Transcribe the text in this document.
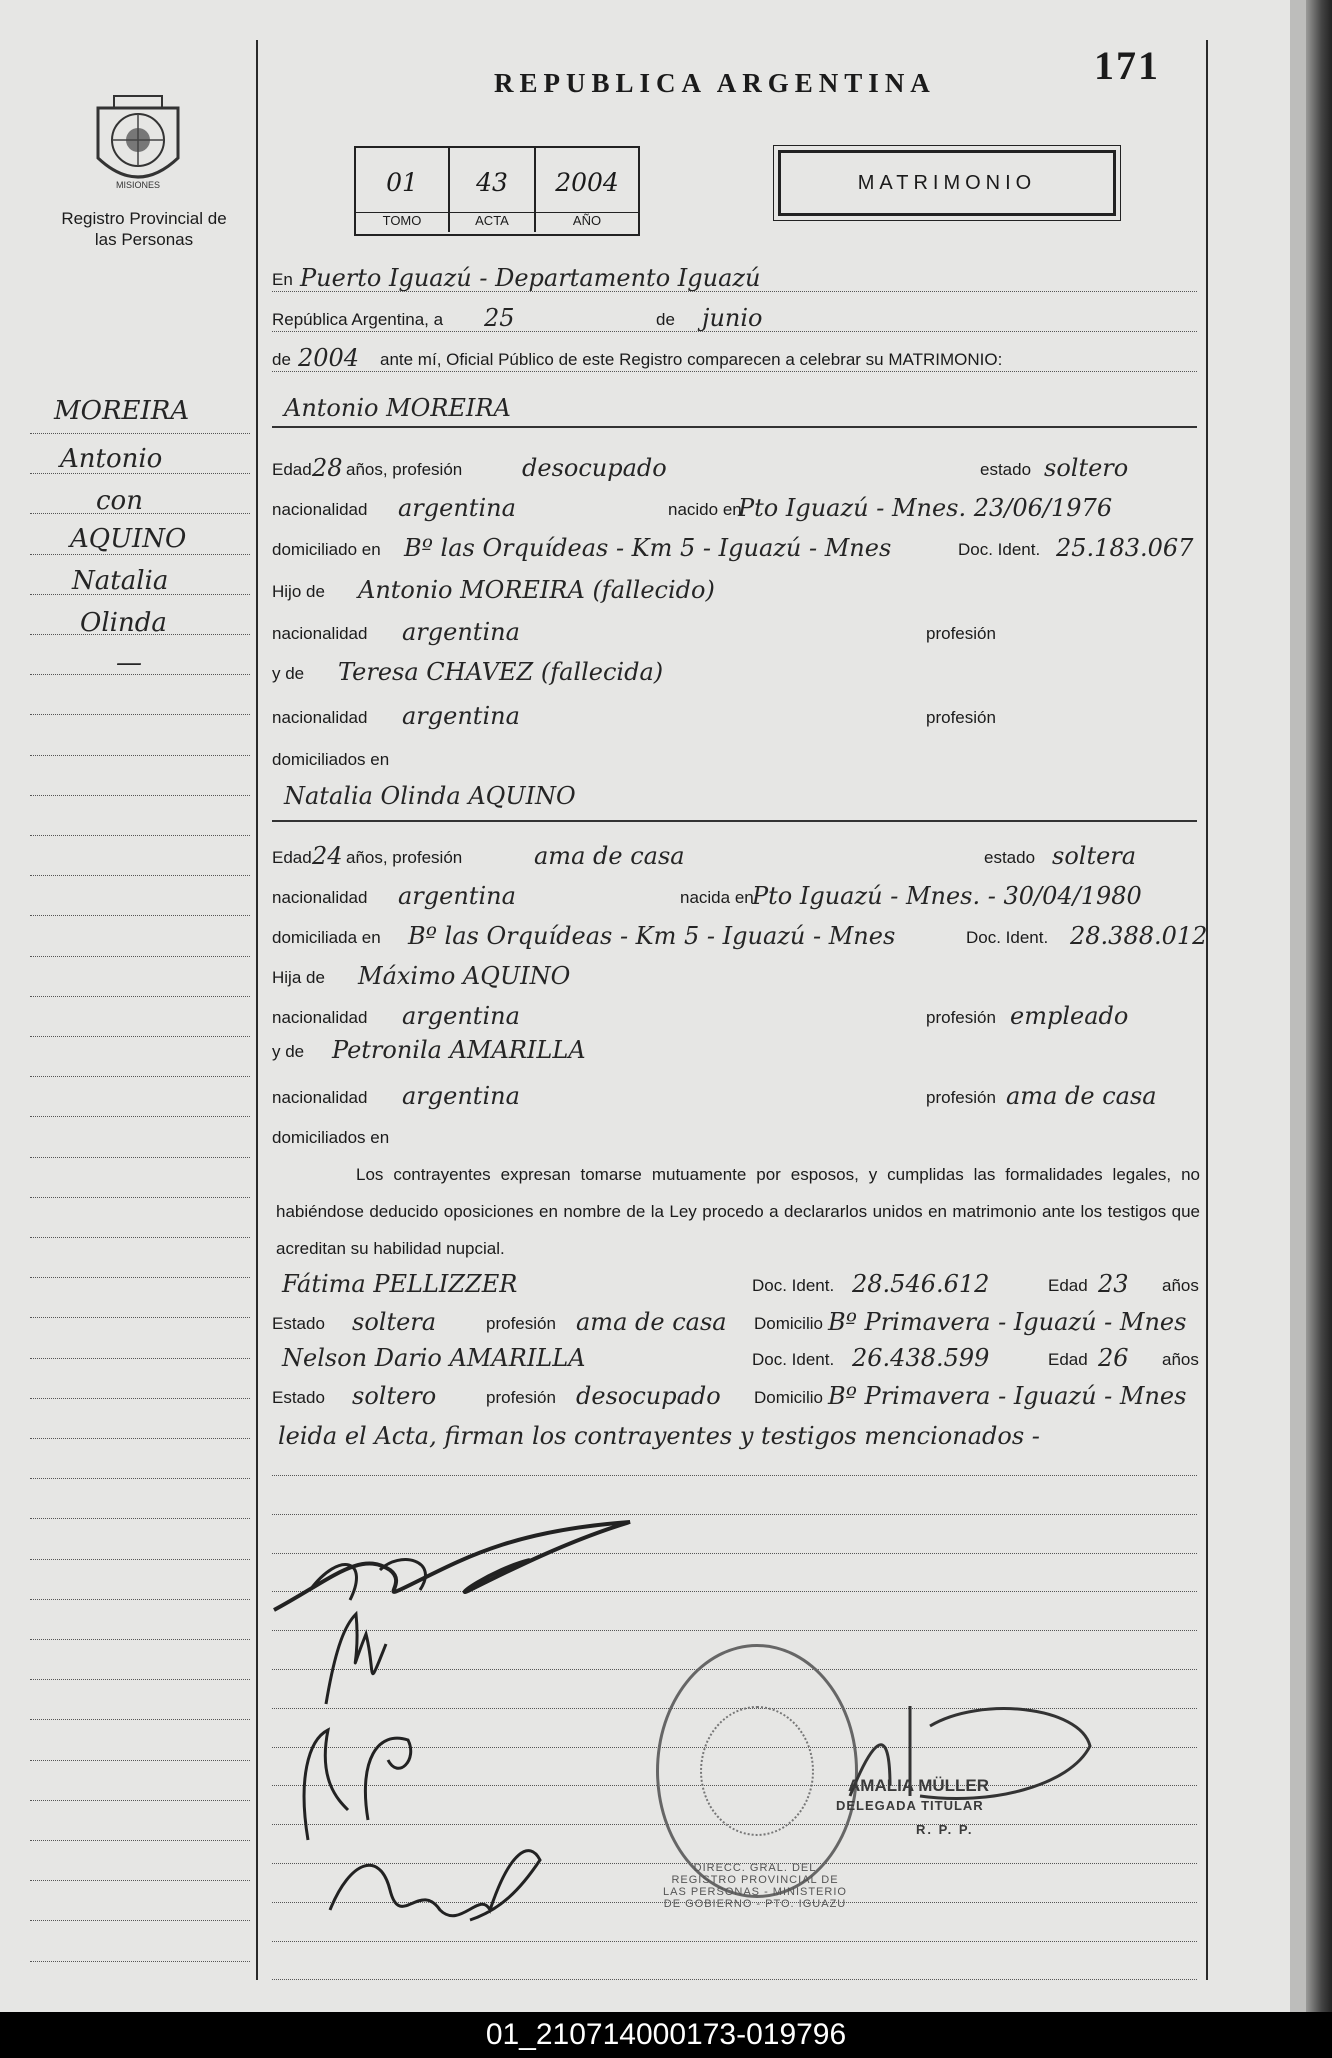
MISIONES
Registro Provincial de las Personas
REPUBLICA ARGENTINA	171
01
TOMO
43
ACTA
2004
AÑO
MATRIMONIO
MOREIRA
Antonio
con
AQUINO
Natalia
Olinda
—
En Puerto Iguazú - Departamento Iguazú
República Argentina, a 25	de junio
de 2004 ante mí, Oficial Público de este Registro comparecen a celebrar su MATRIMONIO:
Antonio MOREIRA
Edad 28 años, profesión desocupado	estado soltero
nacionalidad argentina	nacido en
Pto Iguazú - Mnes. 23/06/1976
domiciliado en Bº las Orquídeas - Km 5 - Iguazú - Mnes	Doc. Ident. 25.183.067
Hijo de Antonio MOREIRA (fallecido)
nacionalidad argentina	profesión
y de Teresa CHAVEZ (fallecida)
nacionalidad argentina	profesión
domiciliados en
Natalia Olinda AQUINO
Edad 24 años, profesión	ama de casa	estado soltera
nacionalidad argentina	nacida en
Pto Iguazú - Mnes. - 30/04/1980
domiciliada en Bº las Orquídeas - Km 5 - Iguazú - Mnes	Doc. Ident. 28.388.012
Hija de Máximo AQUINO
nacionalidad argentina	profesión empleado
y de Petronila AMARILLA
nacionalidad argentina	profesión ama de casa
domiciliados en
Los contrayentes expresan tomarse mutuamente por esposos, y cumplidas las formalidades legales, no habiéndose deducido oposiciones en nombre de la Ley procedo a declararlos unidos en matrimonio ante los testigos que acreditan su habilidad nupcial.
Fátima PELLIZZER	Doc. Ident. 28.546.612	Edad 23 años
Estado soltera	profesión ama de casa Domicilio Bº Primavera - Iguazú - Mnes
Nelson Dario AMARILLA	Doc. Ident. 26.438.599	Edad 26 años
Estado soltero	profesión desocupado Domicilio Bº Primavera - Iguazú - Mnes
leida el Acta, firman los contrayentes y testigos mencionados -
DIRECC. GRAL. DEL REGISTRO PROVINCIAL DE LAS PERSONAS - MINISTERIO DE GOBIERNO - PTO. IGUAZU
AMALIA MÜLLER
DELEGADA TITULAR
R. P. P.
01_210714000173-019796
